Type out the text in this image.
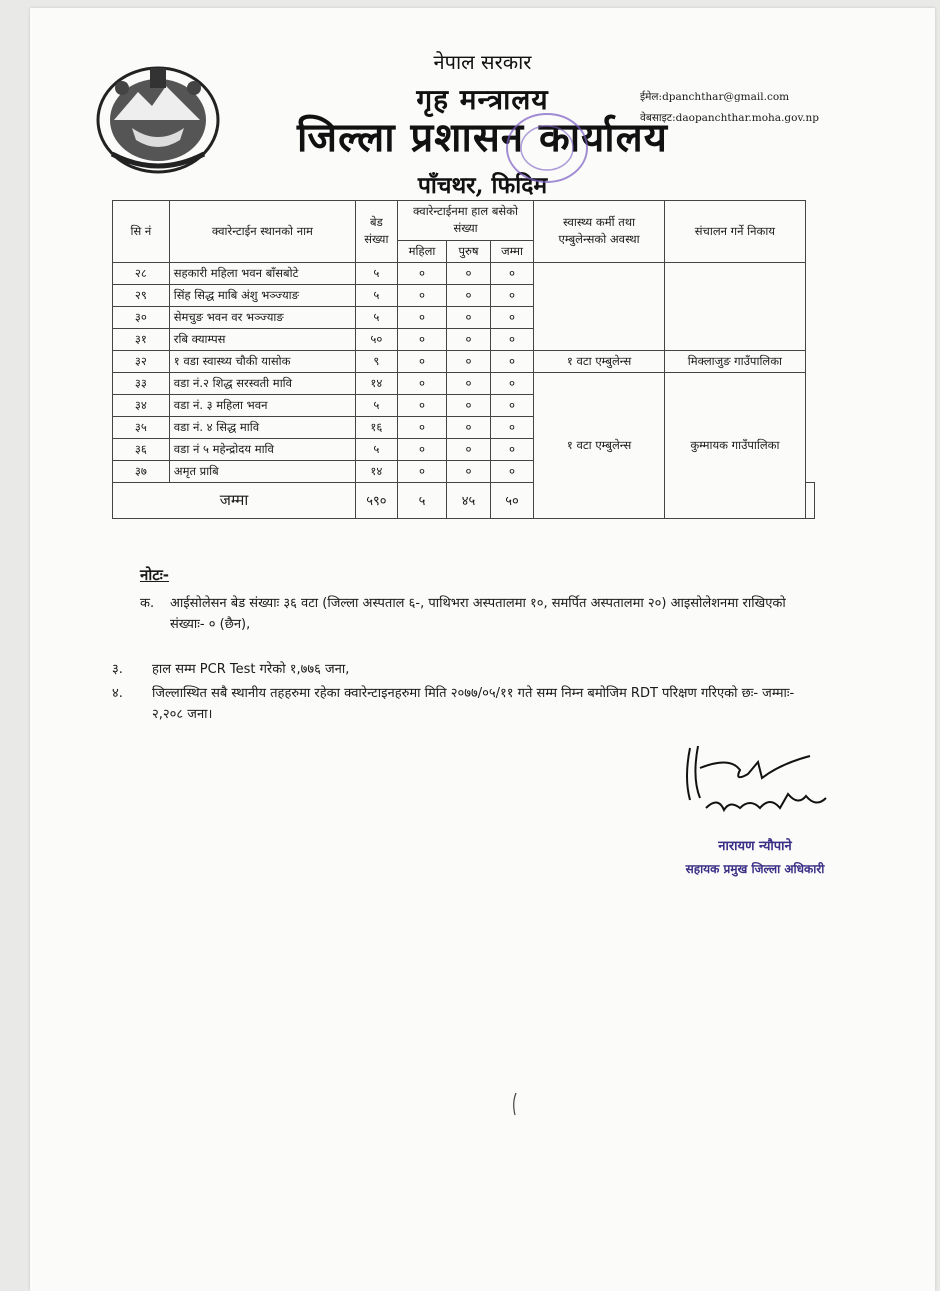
नेपाल सरकार
गृह मन्त्रालय
जिल्ला प्रशासन कार्यालय
पाँचथर, फिदिम
ईमेल:dpanchthar@gmail.com
वेबसाइट:daopanchthar.moha.gov.np
सि नं	क्वारेन्टाईन स्थानको नाम	बेड संख्या	क्वारेन्टाईनमा हाल बसेको संख्या			स्वास्थ्य कर्मी तथा एम्बुलेन्सको अवस्था	संचालन गर्ने निकाय	
			महिला	पुरुष	जम्मा			
२८	सहकारी महिला भवन बाँसबोटे	५	०	०	०			
२९	सिंह सिद्ध माबि अंशु भञ्ज्याङ	५	०	०	०			
३०	सेमचुङ भवन वर भञ्ज्याङ	५	०	०	०			
३१	रबि क्याम्पस	५०	०	०	०			
३२	१ वडा स्वास्थ्य चौकी यासोक	९	०	०	०	१ वटा एम्बुलेन्स	मिक्लाजुङ गाउँपालिका	
३३	वडा नं.२ शिद्ध सरस्वती मावि	१४	०	०	०	१ वटा एम्बुलेन्स	कुम्मायक गाउँपालिका	
३४	वडा नं. ३ महिला भवन	५	०	०	०			
३५	वडा नं. ४ सिद्ध मावि	१६	०	०	०			
३६	वडा नं ५ महेन्द्रोदय मावि	५	०	०	०			
३७	अमृत प्राबि	१४	०	०	०			
जम्मा		५९०	५	४५	५०			
नोटः-
क. आईसोलेसन बेड संख्याः ३६ वटा (जिल्ला अस्पताल ६-, पाथिभरा अस्पतालमा १०, समर्पित अस्पतालमा २०) आइसोलेशनमा राखिएको संख्याः- ० (छैन),
३. हाल सम्म PCR Test गरेको १,७७६ जना,
४. जिल्लास्थित सबै स्थानीय तहहरुमा रहेका क्वारेन्टाइनहरुमा मिति २०७७/०५/११ गते सम्म निम्न बमोजिम RDT परिक्षण गरिएको छः- जम्माः- २,२०८ जना।
नारायण न्यौपाने
सहायक प्रमुख जिल्ला अधिकारी
